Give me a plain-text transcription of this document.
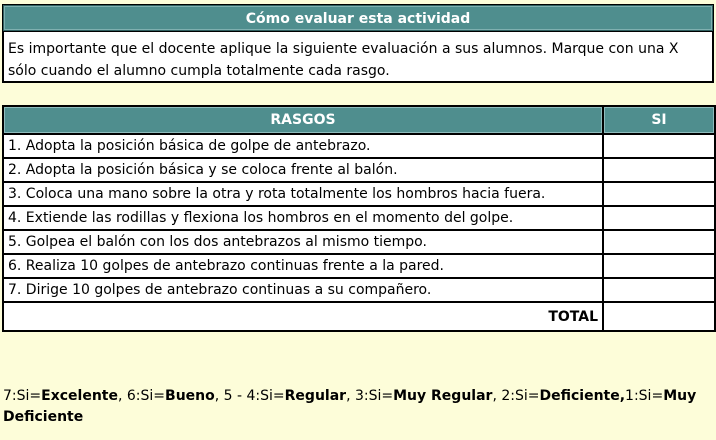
Cómo evaluar esta actividad
Es importante que el docente aplique la siguiente evaluación a sus alumnos. Marque con una X sólo cuando el alumno cumpla totalmente cada rasgo.
RASGOS	SI
1. Adopta la posición básica de golpe de antebrazo.	
2. Adopta la posición básica y se coloca frente al balón.	
3. Coloca una mano sobre la otra y rota totalmente los hombros hacia fuera.	
4. Extiende las rodillas y flexiona los hombros en el momento del golpe.	
5. Golpea el balón con los dos antebrazos al mismo tiempo.	
6. Realiza 10 golpes de antebrazo continuas frente a la pared.	
7. Dirige 10 golpes de antebrazo continuas a su compañero.	
TOTAL	
7:Si=Excelente, 6:Si=Bueno, 5 - 4:Si=Regular, 3:Si=Muy Regular, 2:Si=Deficiente,1:Si=Muy Deficiente
